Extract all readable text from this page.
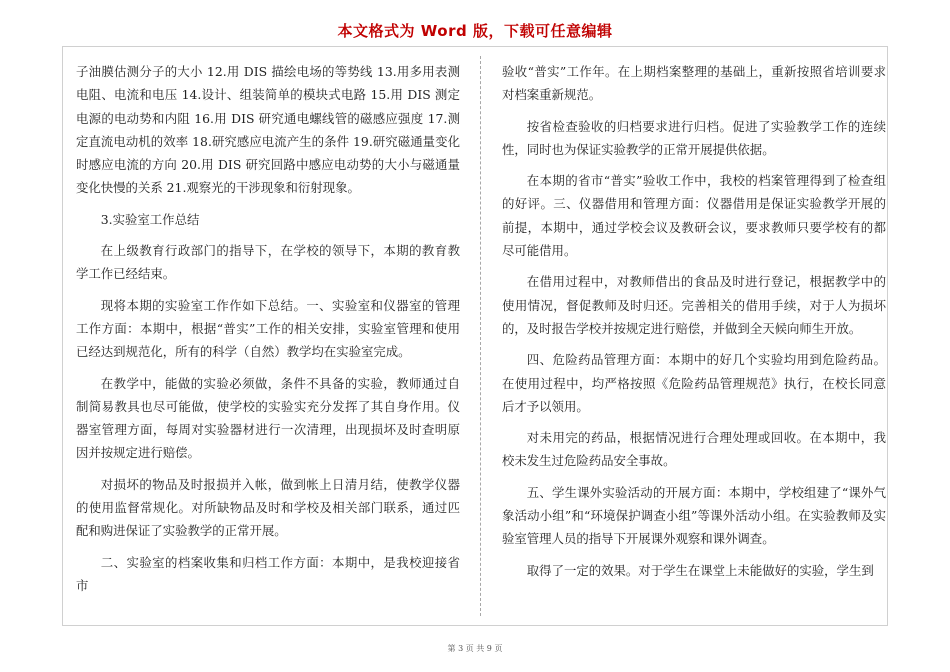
本文格式为 Word 版，下载可任意编辑

子油膜估测分子的大小 12.用 DIS 描绘电场的等势线 13.用多用表测电阻、电流和电压 14.设计、组装简单的模块式电路 15.用 DIS 测定电源的电动势和内阻 16.用 DIS 研究通电螺线管的磁感应强度 17.测定直流电动机的效率 18.研究感应电流产生的条件 19.研究磁通量变化时感应电流的方向 20.用 DIS 研究回路中感应电动势的大小与磁通量变化快慢的关系 21.观察光的干涉现象和衍射现象。

3.实验室工作总结

在上级教育行政部门的指导下，在学校的领导下，本期的教育教学工作已经结束。

现将本期的实验室工作作如下总结。一、实验室和仪器室的管理工作方面：本期中，根据“普实”工作的相关安排，实验室管理和使用已经达到规范化，所有的科学（自然）教学均在实验室完成。

在教学中，能做的实验必须做，条件不具备的实验，教师通过自制简易教具也尽可能做，使学校的实验实充分发挥了其自身作用。仪器室管理方面，每周对实验器材进行一次清理，出现损坏及时查明原因并按规定进行赔偿。

对损坏的物品及时报损并入帐，做到帐上日清月结，使教学仪器的使用监督常规化。对所缺物品及时和学校及相关部门联系，通过匹配和购进保证了实验教学的正常开展。

二、实验室的档案收集和归档工作方面：本期中，是我校迎接省市

验收“普实”工作年。在上期档案整理的基础上，重新按照省培训要求对档案重新规范。

按省检查验收的归档要求进行归档。促进了实验教学工作的连续性，同时也为保证实验教学的正常开展提供依据。

在本期的省市“普实”验收工作中，我校的档案管理得到了检查组的好评。三、仪器借用和管理方面：仪器借用是保证实验教学开展的前提，本期中，通过学校会议及教研会议，要求教师只要学校有的都尽可能借用。

在借用过程中，对教师借出的食品及时进行登记，根据教学中的使用情况，督促教师及时归还。完善相关的借用手续，对于人为损坏的，及时报告学校并按规定进行赔偿，并做到全天候向师生开放。

四、危险药品管理方面：本期中的好几个实验均用到危险药品。在使用过程中，均严格按照《危险药品管理规范》执行，在校长同意后才予以领用。

对未用完的药品，根据情况进行合理处理或回收。在本期中，我校未发生过危险药品安全事故。

五、学生课外实验活动的开展方面：本期中，学校组建了“课外气象活动小组”和“环境保护调查小组”等课外活动小组。在实验教师及实验室管理人员的指导下开展课外观察和课外调查。

取得了一定的效果。对于学生在课堂上未能做好的实验，学生到

第 3 页 共 9 页
